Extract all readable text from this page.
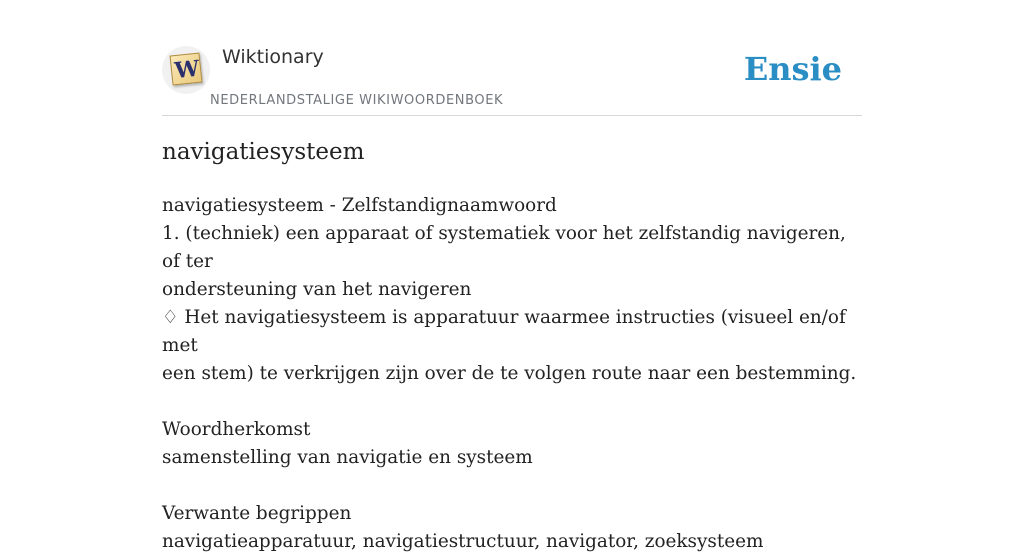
W Wiktionary
NEDERLANDSTALIGE WIKIWOORDENBOEK
Ensie
navigatiesysteem
navigatiesysteem - Zelfstandignaamwoord
1. (techniek) een apparaat of systematiek voor het zelfstandig navigeren, of ter
ondersteuning van het navigeren
♢ Het navigatiesysteem is apparatuur waarmee instructies (visueel en/of met
een stem) te verkrijgen zijn over de te volgen route naar een bestemming.
Woordherkomst
samenstelling van navigatie en systeem
Verwante begrippen
navigatieapparatuur, navigatiestructuur, navigator, zoeksysteem
